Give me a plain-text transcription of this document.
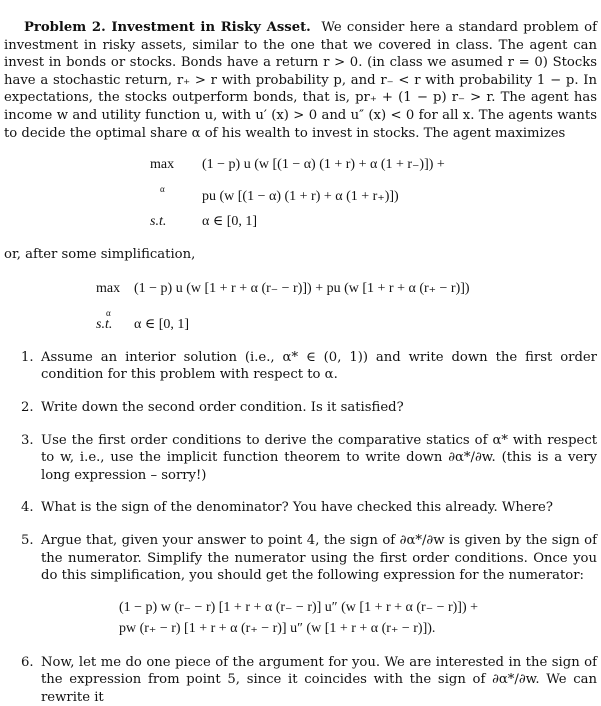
Problem 2. Investment in Risky Asset. We consider here a standard problem of investment in risky assets, similar to the one that we covered in class. The agent can invest in bonds or stocks. Bonds have a return r > 0. (in class we asumed r = 0) Stocks have a stochastic return, r₊ > r with probability p, and r₋ < r with probability 1 − p. In expectations, the stocks outperform bonds, that is, pr₊ + (1 − p) r₋ > r. The agent has income w and utility function u, with u′ (x) > 0 and u″ (x) < 0 for all x. The agents wants to decide the optimal share α of his wealth to invest in stocks. The agent maximizes

max
$_\alpha$
(1 − p) u (w [(1 − α) (1 + r) + α (1 + r₋)]) +
pu (w [(1 − α) (1 + r) + α (1 + r₊)])
s.t.	α ∈ [0, 1]

or, after some simplification,

max
$_\alpha$
(1 − p) u (w [1 + r + α (r₋ − r)]) + pu (w [1 + r + α (r₊ − r)])
s.t.	α ∈ [0, 1]
1. Assume an interior solution (i.e., α* ∈ (0, 1)) and write down the first order condition for this problem with respect to α.
2. Write down the second order condition. Is it satisfied?
3. Use the first order conditions to derive the comparative statics of α* with respect to w, i.e., use the implicit function theorem to write down ∂α*/∂w. (this is a very long expression – sorry!)
4. What is the sign of the denominator? You have checked this already. Where?
5. Argue that, given your answer to point 4, the sign of ∂α*/∂w is given by the sign of the numerator. Simplify the numerator using the first order conditions. Once you do this simplification, you should get the following expression for the numerator:
(1 − p) w (r₋ − r) [1 + r + α (r₋ − r)] u″ (w [1 + r + α (r₋ − r)]) +
pw (r₊ − r) [1 + r + α (r₊ − r)] u″ (w [1 + r + α (r₊ − r)]).
6. Now, let me do one piece of the argument for you. We are interested in the sign of the expression from point 5, since it coincides with the sign of ∂α*/∂w. We can rewrite it
